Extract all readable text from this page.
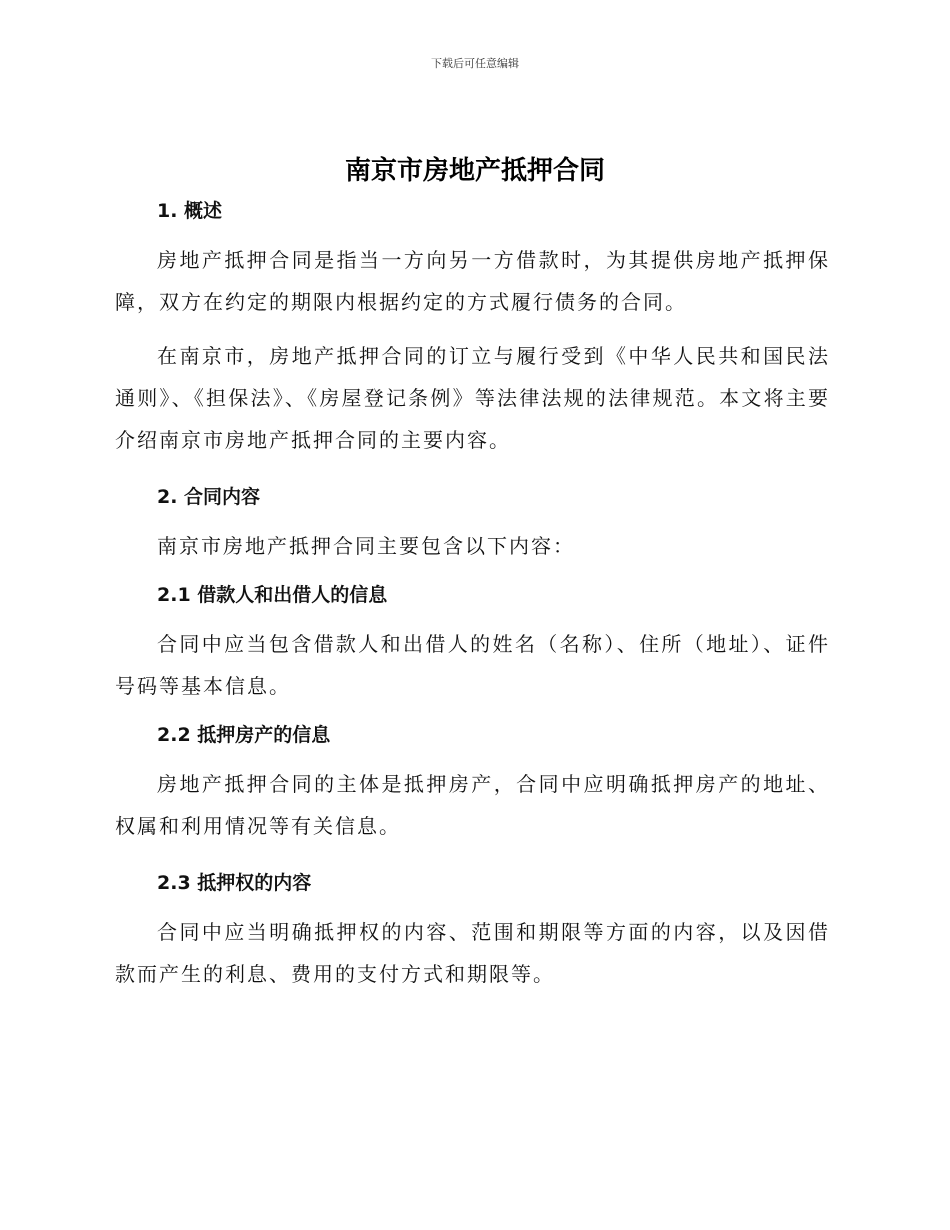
下载后可任意编辑
南京市房地产抵押合同
1. 概述

房地产抵押合同是指当一方向另一方借款时，为其提供房地产抵押保障，双方在约定的期限内根据约定的方式履行债务的合同。

在南京市，房地产抵押合同的订立与履行受到《中华人民共和国民法通则》、《担保法》、《房屋登记条例》等法律法规的法律规范。本文将主要介绍南京市房地产抵押合同的主要内容。

2. 合同内容

南京市房地产抵押合同主要包含以下内容：

2.1 借款人和出借人的信息

合同中应当包含借款人和出借人的姓名（名称）、住所（地址）、证件号码等基本信息。

2.2 抵押房产的信息

房地产抵押合同的主体是抵押房产，合同中应明确抵押房产的地址、权属和利用情况等有关信息。

2.3 抵押权的内容

合同中应当明确抵押权的内容、范围和期限等方面的内容，以及因借款而产生的利息、费用的支付方式和期限等。
